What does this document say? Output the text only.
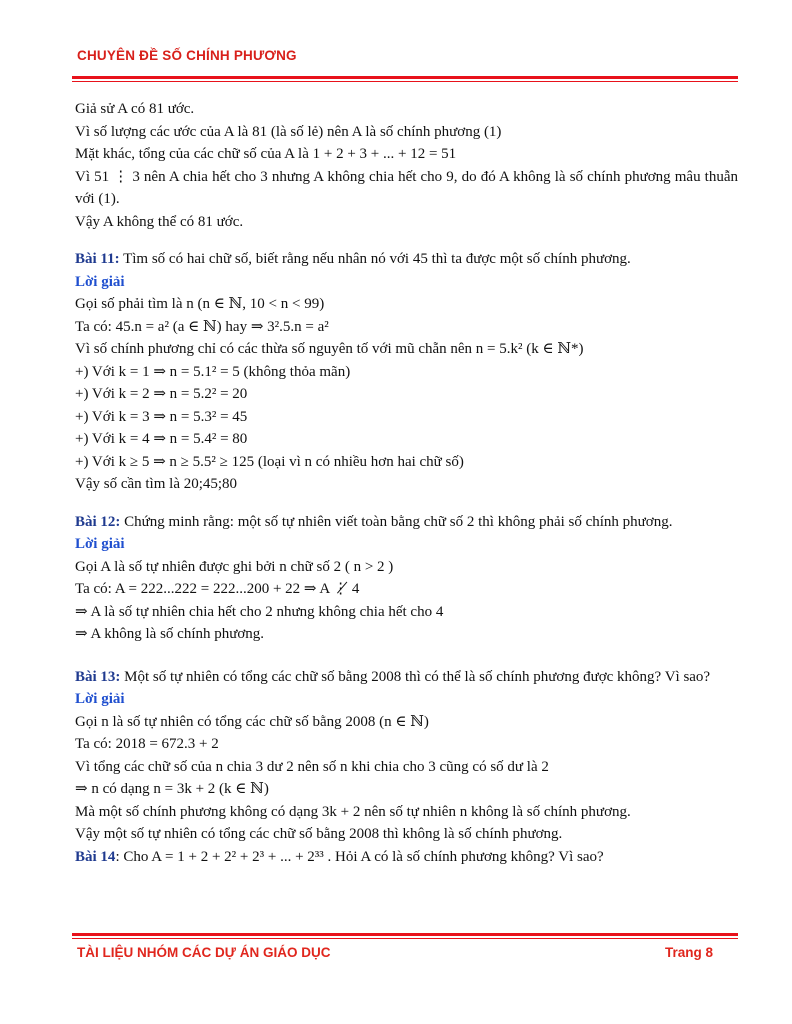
CHUYÊN ĐỀ SỐ CHÍNH PHƯƠNG
Giả sử A có 81 ước.
Vì số lượng các ước của A là 81 (là số lẻ) nên A là số chính phương (1)
Mặt khác, tổng của các chữ số của A là 1 + 2 + 3 + ... + 12 = 51
Vì 51 ⋮ 3 nên A chia hết cho 3 nhưng A không chia hết cho 9, do đó A không là số chính phương mâu thuẫn với (1).
Vậy A không thể có 81 ước.
Bài 11: Tìm số có hai chữ số, biết rằng nếu nhân nó với 45 thì ta được một số chính phương.
Lời giải
Gọi số phải tìm là n (n ∈ ℕ, 10 < n < 99)
Ta có: 45.n = a² (a ∈ ℕ) hay ⇒ 3².5.n = a²
Vì số chính phương chỉ có các thừa số nguyên tố với mũ chẵn nên n = 5.k² (k ∈ ℕ*)
+) Với k = 1 ⇒ n = 5.1² = 5 (không thỏa mãn)
+) Với k = 2 ⇒ n = 5.2² = 20
+) Với k = 3 ⇒ n = 5.3² = 45
+) Với k = 4 ⇒ n = 5.4² = 80
+) Với k ≥ 5 ⇒ n ≥ 5.5² ≥ 125 (loại vì n có nhiều hơn hai chữ số)
Vậy số cần tìm là 20;45;80
Bài 12: Chứng minh rằng: một số tự nhiên viết toàn bằng chữ số 2 thì không phải số chính phương.
Lời giải
Gọi A là số tự nhiên được ghi bởi n chữ số 2 ( n > 2 )
Ta có: A = 222...222 = 222...200 + 22 ⇒ A ⋮̸ 4
⇒ A là số tự nhiên chia hết cho 2 nhưng không chia hết cho 4
⇒ A không là số chính phương.
Bài 13: Một số tự nhiên có tổng các chữ số bằng 2008 thì có thể là số chính phương được không? Vì sao?
Lời giải
Gọi n là số tự nhiên có tổng các chữ số bằng 2008 (n ∈ ℕ)
Ta có: 2018 = 672.3 + 2
Vì tổng các chữ số của n chia 3 dư 2 nên số n khi chia cho 3 cũng có số dư là 2
⇒ n có dạng n = 3k + 2 (k ∈ ℕ)
Mà một số chính phương không có dạng 3k + 2 nên số tự nhiên n không là số chính phương.
Vậy một số tự nhiên có tổng các chữ số bằng 2008 thì không là số chính phương.
Bài 14: Cho A = 1 + 2 + 2² + 2³ + ... + 2³³ . Hỏi A có là số chính phương không? Vì sao?
TÀI LIỆU NHÓM CÁC DỰ ÁN GIÁO DỤC	Trang 8
